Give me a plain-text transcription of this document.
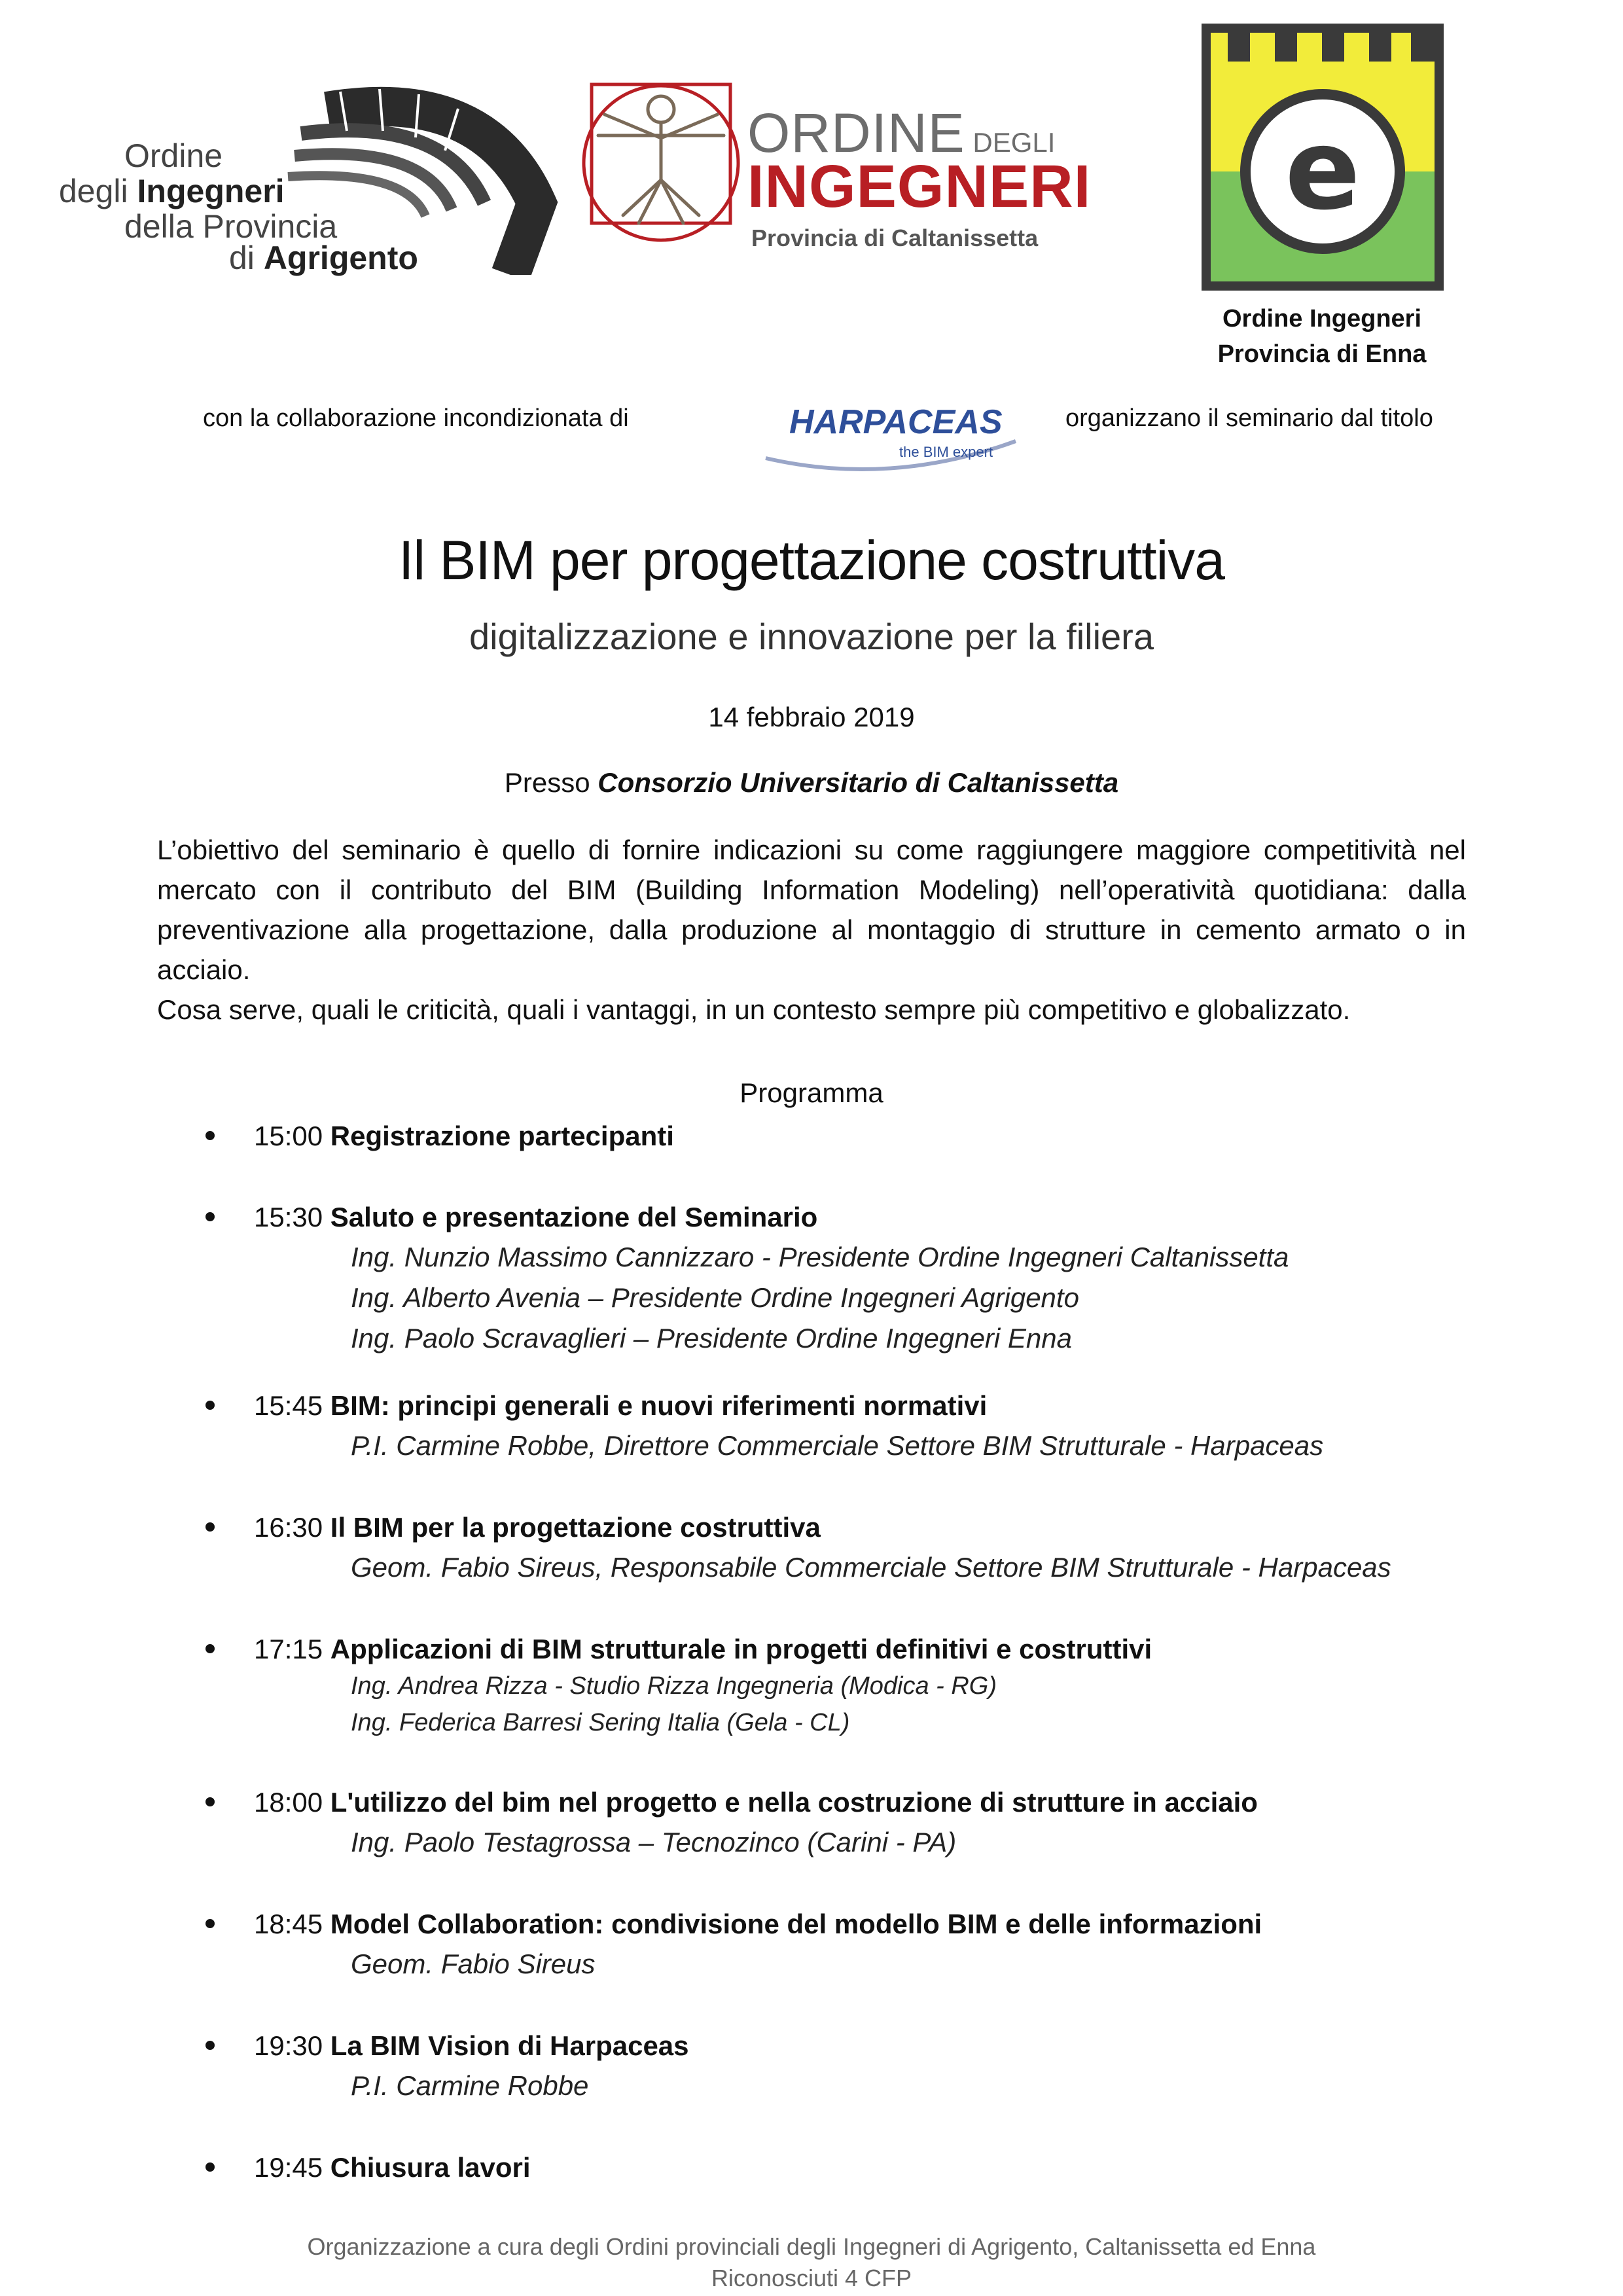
Ordine
degli Ingegneri
della Provincia
di Agrigento
ORDINE DEGLI
INGEGNERI
Provincia di Caltanissetta
e
Ordine Ingegneri
Provincia di Enna
con la collaborazione incondizionata di	HARPACEAS
the BIM expert
organizzano il seminario dal titolo
Il BIM per progettazione costruttiva
digitalizzazione e innovazione per la filiera
14 febbraio 2019
Presso Consorzio Universitario di Caltanissetta

L’obiettivo del seminario è quello di fornire indicazioni su come raggiungere maggiore competitività nel mercato con il contributo del BIM (Building Information Modeling) nell’operatività quotidiana: dalla preventivazione alla progettazione, dalla produzione al montaggio di strutture in cemento armato o in acciaio.

Cosa serve, quali le criticità, quali i vantaggi, in un contesto sempre più competitivo e globalizzato.

Programma
15:00 Registrazione partecipanti
15:30 Saluto e presentazione del Seminario
Ing. Nunzio Massimo Cannizzaro - Presidente Ordine Ingegneri Caltanissetta
Ing. Alberto Avenia – Presidente Ordine Ingegneri Agrigento
Ing. Paolo Scravaglieri – Presidente Ordine Ingegneri Enna
15:45 BIM: principi generali e nuovi riferimenti normativi
P.I. Carmine Robbe, Direttore Commerciale Settore BIM Strutturale - Harpaceas
16:30 Il BIM per la progettazione costruttiva
Geom. Fabio Sireus, Responsabile Commerciale Settore BIM Strutturale - Harpaceas
17:15 Applicazioni di BIM strutturale in progetti definitivi e costruttivi
Ing. Andrea Rizza - Studio Rizza Ingegneria (Modica - RG)
Ing. Federica Barresi Sering Italia (Gela - CL)
18:00 L'utilizzo del bim nel progetto e nella costruzione di strutture in acciaio
Ing. Paolo Testagrossa – Tecnozinco (Carini - PA)
18:45 Model Collaboration: condivisione del modello BIM e delle informazioni
Geom. Fabio Sireus
19:30 La BIM Vision di Harpaceas
P.I. Carmine Robbe
19:45 Chiusura lavori
Organizzazione a cura degli Ordini provinciali degli Ingegneri di Agrigento, Caltanissetta ed Enna
Riconosciuti 4 CFP
